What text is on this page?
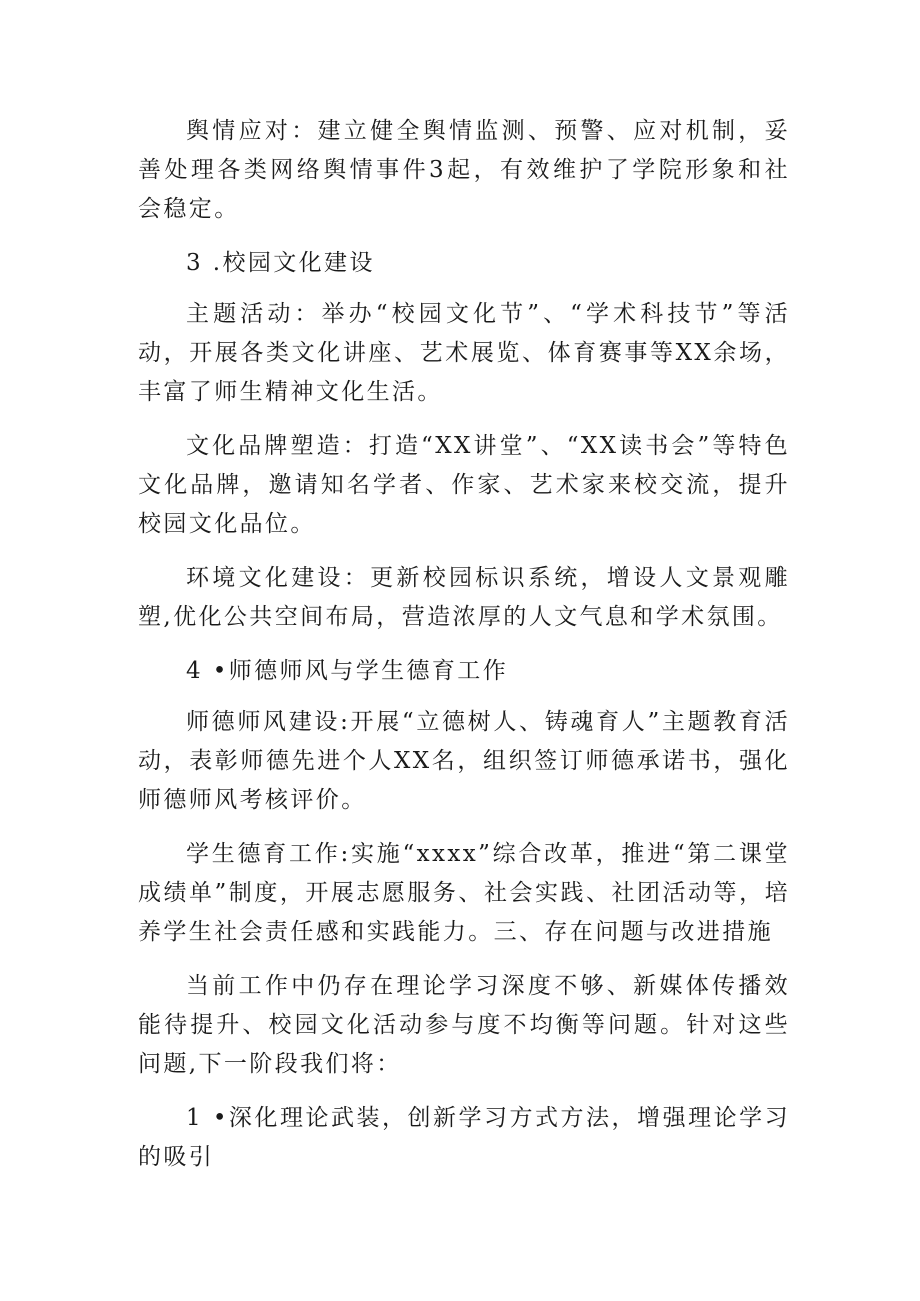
舆情应对：建立健全舆情监测、预警、应对机制，妥善处理各类网络舆情事件3起，有效维护了学院形象和社会稳定。

3 .校园文化建设

主题活动：举办“校园文化节”、“学术科技节”等活动，开展各类文化讲座、艺术展览、体育赛事等XX余场，丰富了师生精神文化生活。

文化品牌塑造：打造“XX讲堂”、“XX读书会”等特色文化品牌，邀请知名学者、作家、艺术家来校交流，提升校园文化品位。

环境文化建设：更新校园标识系统，增设人文景观雕塑,优化公共空间布局，营造浓厚的人文气息和学术氛围。

4 •师德师风与学生德育工作

师德师风建设:开展“立德树人、铸魂育人”主题教育活动，表彰师德先进个人XX名，组织签订师德承诺书，强化师德师风考核评价。

学生德育工作:实施“xxxx”综合改革，推进“第二课堂成绩单”制度，开展志愿服务、社会实践、社团活动等，培养学生社会责任感和实践能力。三、存在问题与改进措施

当前工作中仍存在理论学习深度不够、新媒体传播效能待提升、校园文化活动参与度不均衡等问题。针对这些问题,下一阶段我们将：

1 •深化理论武装，创新学习方式方法，增强理论学习的吸引
